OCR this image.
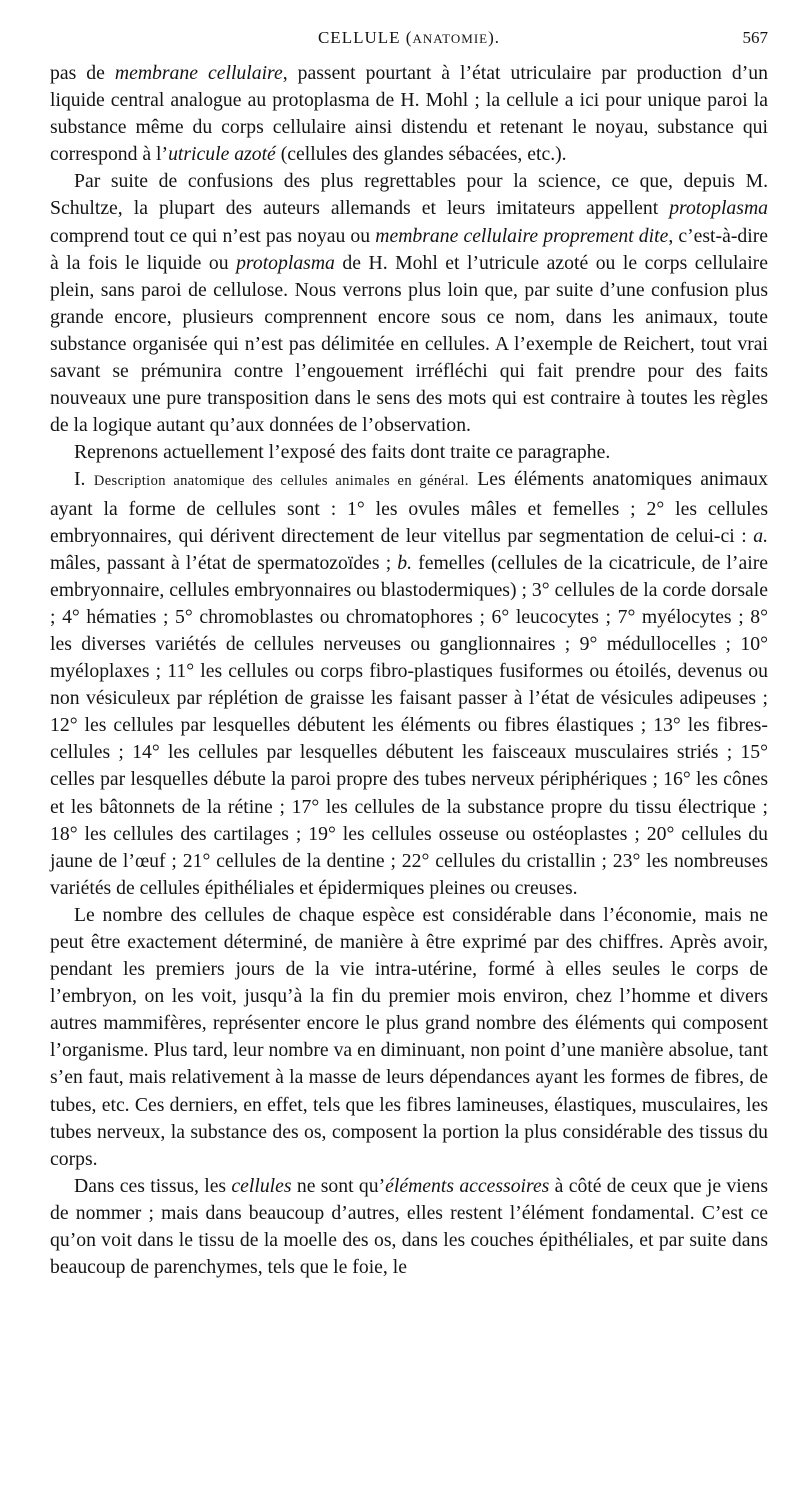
CELLULE (ANATOMIE).	567

pas de membrane cellulaire, passent pourtant à l’état utriculaire par production d’un liquide central analogue au protoplasma de H. Mohl ; la cellule a ici pour unique paroi la substance même du corps cellulaire ainsi distendu et retenant le noyau, substance qui correspond à l’utricule azoté (cellules des glandes sébacées, etc.).

Par suite de confusions des plus regrettables pour la science, ce que, depuis M. Schultze, la plupart des auteurs allemands et leurs imitateurs appellent protoplasma comprend tout ce qui n’est pas noyau ou membrane cellulaire proprement dite, c’est-à-dire à la fois le liquide ou protoplasma de H. Mohl et l’utricule azoté ou le corps cellulaire plein, sans paroi de cellulose. Nous verrons plus loin que, par suite d’une confusion plus grande encore, plusieurs comprennent encore sous ce nom, dans les animaux, toute substance organisée qui n’est pas délimitée en cellules. A l’exemple de Reichert, tout vrai savant se prémunira contre l’engouement irréfléchi qui fait prendre pour des faits nouveaux une pure transposition dans le sens des mots qui est contraire à toutes les règles de la logique autant qu’aux données de l’observation.

Reprenons actuellement l’exposé des faits dont traite ce paragraphe.

I. Description anatomique des cellules animales en général. Les éléments anatomiques animaux ayant la forme de cellules sont : 1° les ovules mâles et femelles ; 2° les cellules embryonnaires, qui dérivent directement de leur vitellus par segmentation de celui-ci : a. mâles, passant à l’état de spermatozoïdes ; b. femelles (cellules de la cicatricule, de l’aire embryonnaire, cellules embryonnaires ou blastodermiques) ; 3° cellules de la corde dorsale ; 4° hématies ; 5° chromoblastes ou chromatophores ; 6° leucocytes ; 7° myélocytes ; 8° les diverses variétés de cellules nerveuses ou ganglionnaires ; 9° médullocelles ; 10° myéloplaxes ; 11° les cellules ou corps fibro-plastiques fusiformes ou étoilés, devenus ou non vésiculeux par réplétion de graisse les faisant passer à l’état de vésicules adipeuses ; 12° les cellules par lesquelles débutent les éléments ou fibres élastiques ; 13° les fibres-cellules ; 14° les cellules par lesquelles débutent les faisceaux musculaires striés ; 15° celles par lesquelles débute la paroi propre des tubes nerveux périphériques ; 16° les cônes et les bâtonnets de la rétine ; 17° les cellules de la substance propre du tissu électrique ; 18° les cellules des cartilages ; 19° les cellules osseuse ou ostéoplastes ; 20° cellules du jaune de l’œuf ; 21° cellules de la dentine ; 22° cellules du cristallin ; 23° les nombreuses variétés de cellules épithéliales et épidermiques pleines ou creuses.

Le nombre des cellules de chaque espèce est considérable dans l’économie, mais ne peut être exactement déterminé, de manière à être exprimé par des chiffres. Après avoir, pendant les premiers jours de la vie intra-utérine, formé à elles seules le corps de l’embryon, on les voit, jusqu’à la fin du premier mois environ, chez l’homme et divers autres mammifères, représenter encore le plus grand nombre des éléments qui composent l’organisme. Plus tard, leur nombre va en diminuant, non point d’une manière absolue, tant s’en faut, mais relativement à la masse de leurs dépendances ayant les formes de fibres, de tubes, etc. Ces derniers, en effet, tels que les fibres lamineuses, élastiques, musculaires, les tubes nerveux, la substance des os, composent la portion la plus considérable des tissus du corps.

Dans ces tissus, les cellules ne sont qu’éléments accessoires à côté de ceux que je viens de nommer ; mais dans beaucoup d’autres, elles restent l’élément fondamental. C’est ce qu’on voit dans le tissu de la moelle des os, dans les couches épithéliales, et par suite dans beaucoup de parenchymes, tels que le foie, le
